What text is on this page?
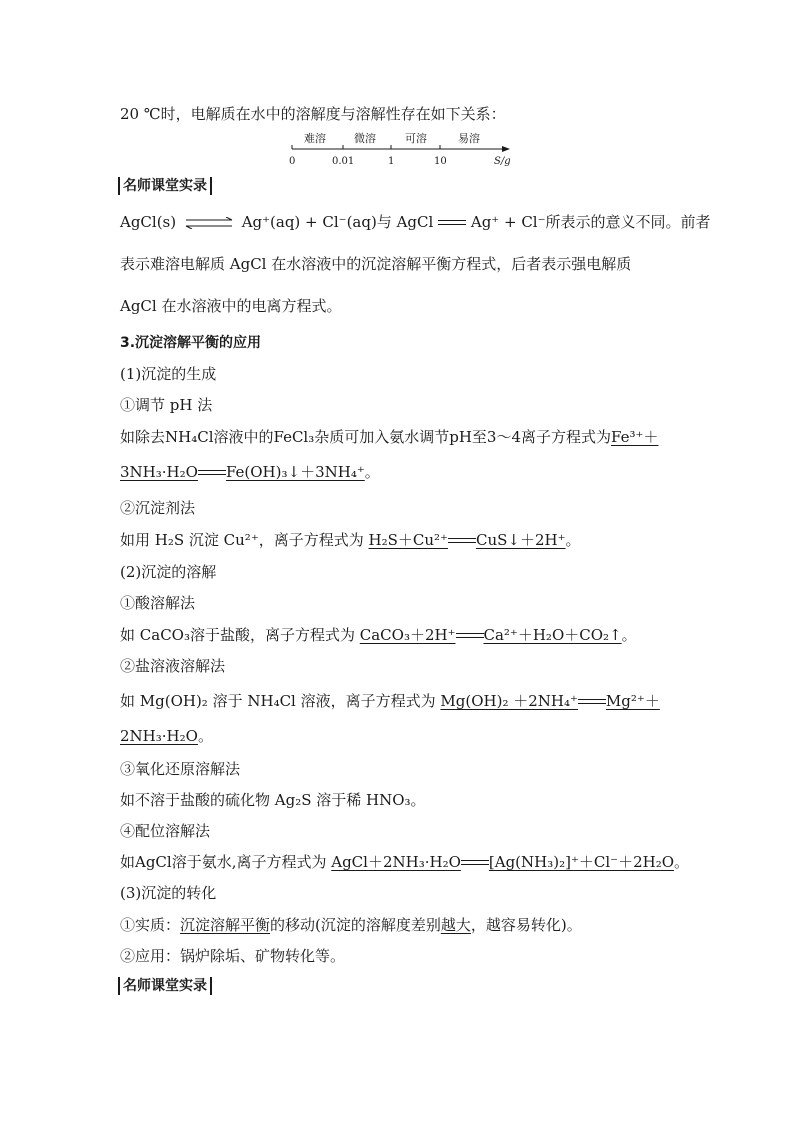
20 ℃时，电解质在水中的溶解度与溶解性存在如下关系：
难溶	微溶	可溶	易溶
0	0.01	1	10	S/g
名师课堂实录
AgCl(s) ⇌ Ag⁺(aq) + Cl⁻(aq)与 AgCl	Ag⁺ + Cl⁻所表示的意义不同。前者
表示难溶电解质 AgCl 在水溶液中的沉淀溶解平衡方程式，后者表示强电解质
AgCl 在水溶液中的电离方程式。
3.沉淀溶解平衡的应用
(1)沉淀的生成
①调节 pH 法
如除去NH₄Cl溶液中的FeCl₃杂质可加入氨水调节pH至3～4离子方程式为Fe³⁺＋
3NH₃·H₂O Fe(OH)₃↓＋3NH₄⁺。
②沉淀剂法
如用 H₂S 沉淀 Cu²⁺，离子方程式为 H₂S＋Cu²⁺ CuS↓＋2H⁺。
(2)沉淀的溶解
①酸溶解法
如 CaCO₃溶于盐酸，离子方程式为 CaCO₃＋2H⁺ Ca²⁺＋H₂O＋CO₂↑。
②盐溶液溶解法
如 Mg(OH)₂ 溶于 NH₄Cl 溶液，离子方程式为 Mg(OH)₂ ＋2NH₄⁺ Mg²⁺＋
2NH₃·H₂O。
③氧化还原溶解法
如不溶于盐酸的硫化物 Ag₂S 溶于稀 HNO₃。
④配位溶解法
如AgCl溶于氨水,离子方程式为 AgCl＋2NH₃·H₂O [Ag(NH₃)₂]⁺＋Cl⁻＋2H₂O。
(3)沉淀的转化
①实质：沉淀溶解平衡的移动(沉淀的溶解度差别越大，越容易转化)。
②应用：锅炉除垢、矿物转化等。
名师课堂实录
